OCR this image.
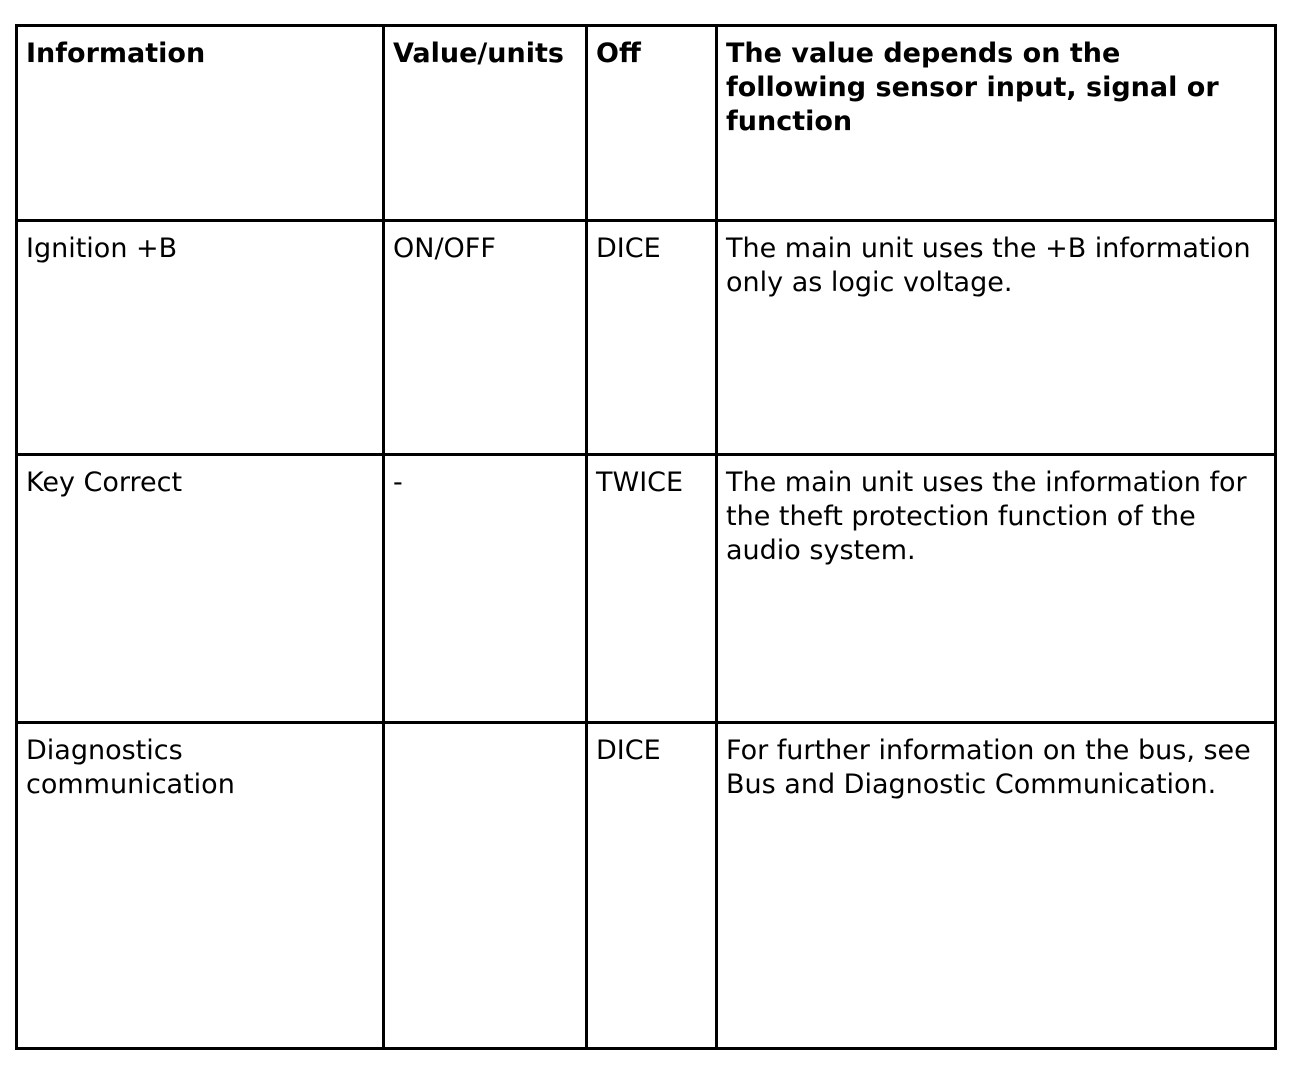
Information	Value/units	Off	The value depends on the following sensor input, signal or function
Ignition +B	ON/OFF	DICE	The main unit uses the +B information only as logic voltage.
Key Correct	-	TWICE	The main unit uses the information for the theft protection function of the audio system.
Diagnostics communication		DICE	For further information on the bus, see Bus and Diagnostic Communication.
